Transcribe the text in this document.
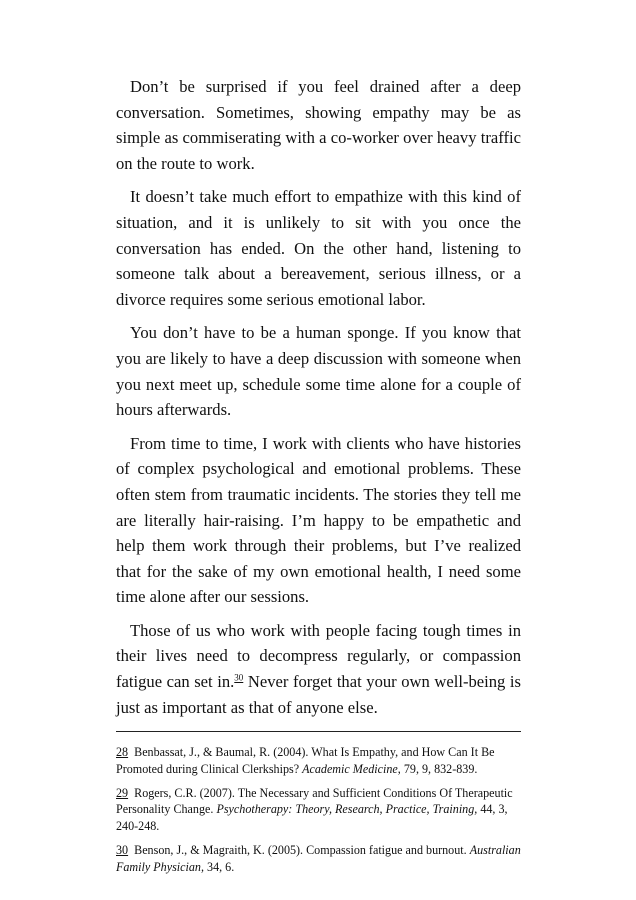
Don’t be surprised if you feel drained after a deep conversation. Sometimes, showing empathy may be as simple as commiserating with a co-worker over heavy traffic on the route to work.

It doesn’t take much effort to empathize with this kind of situation, and it is unlikely to sit with you once the conversation has ended. On the other hand, listening to someone talk about a bereavement, serious illness, or a divorce requires some serious emotional labor.

You don’t have to be a human sponge. If you know that you are likely to have a deep discussion with someone when you next meet up, schedule some time alone for a couple of hours afterwards.

From time to time, I work with clients who have histories of complex psychological and emotional problems. These often stem from traumatic incidents. The stories they tell me are literally hair-raising. I’m happy to be empathetic and help them work through their problems, but I’ve realized that for the sake of my own emotional health, I need some time alone after our sessions.

Those of us who work with people facing tough times in their lives need to decompress regularly, or compassion fatigue can set in.$^{30}$ Never forget that your own well-being is just as important as that of anyone else.

28 Benbassat, J., & Baumal, R. (2004). What Is Empathy, and How Can It Be Promoted during Clinical Clerkships? Academic Medicine, 79, 9, 832-839.

29 Rogers, C.R. (2007). The Necessary and Sufficient Conditions Of Therapeutic Personality Change. Psychotherapy: Theory, Research, Practice, Training, 44, 3, 240-248.

30 Benson, J., & Magraith, K. (2005). Compassion fatigue and burnout. Australian Family Physician, 34, 6.
